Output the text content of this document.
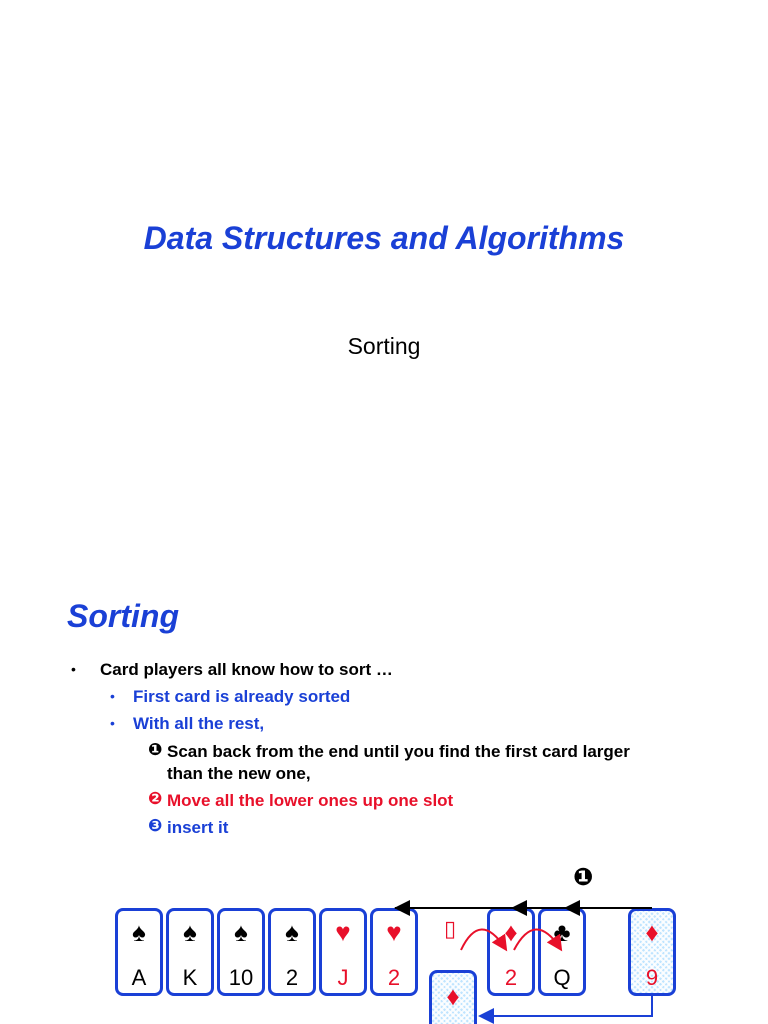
Data Structures and Algorithms
Sorting
Sorting
• Card players all know how to sort …
• First card is already sorted
• With all the rest,
❶ Scan back from the end until you find the first card larger
than the new one,
❷ Move all the lower ones up one slot
❸ insert it
❶
♠
A
♠
K
♠
10
♠
2
♥
J
♥
2
▯	♦
2
♣
Q
♦
9
♦
